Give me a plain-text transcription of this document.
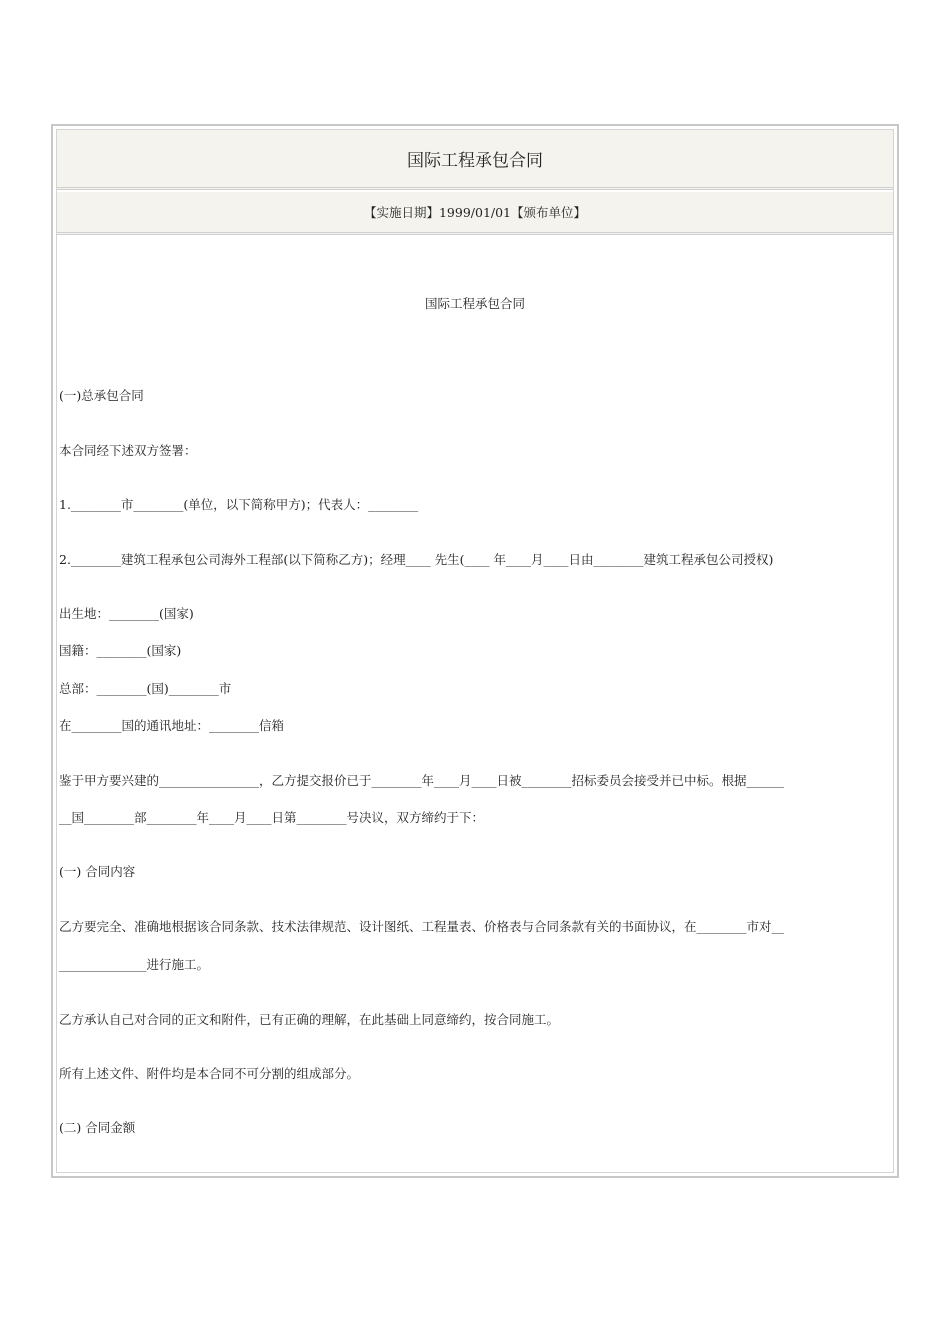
国际工程承包合同
【实施日期】1999/01/01【颁布单位】
国际工程承包合同
(一)总承包合同
本合同经下述双方签署：
1.________市________(单位，以下简称甲方)；代表人：________
2.________建筑工程承包公司海外工程部(以下简称乙方)；经理____ 先生(____ 年____月____日由________建筑工程承包公司授权)
出生地：________(国家)
国籍：________(国家)
总部：________(国)________市
在________国的通讯地址：________信箱
鉴于甲方要兴建的________________，乙方提交报价已于________年____月____日被________招标委员会接受并已中标。根据______
__国________部________年____月____日第________号决议，双方缔约于下：
(一) 合同内容
乙方要完全、准确地根据该合同条款、技术法律规范、设计图纸、工程量表、价格表与合同条款有关的书面协议，在________市对__
______________进行施工。
乙方承认自己对合同的正文和附件，已有正确的理解，在此基础上同意缔约，按合同施工。
所有上述文件、附件均是本合同不可分割的组成部分。
(二) 合同金额
